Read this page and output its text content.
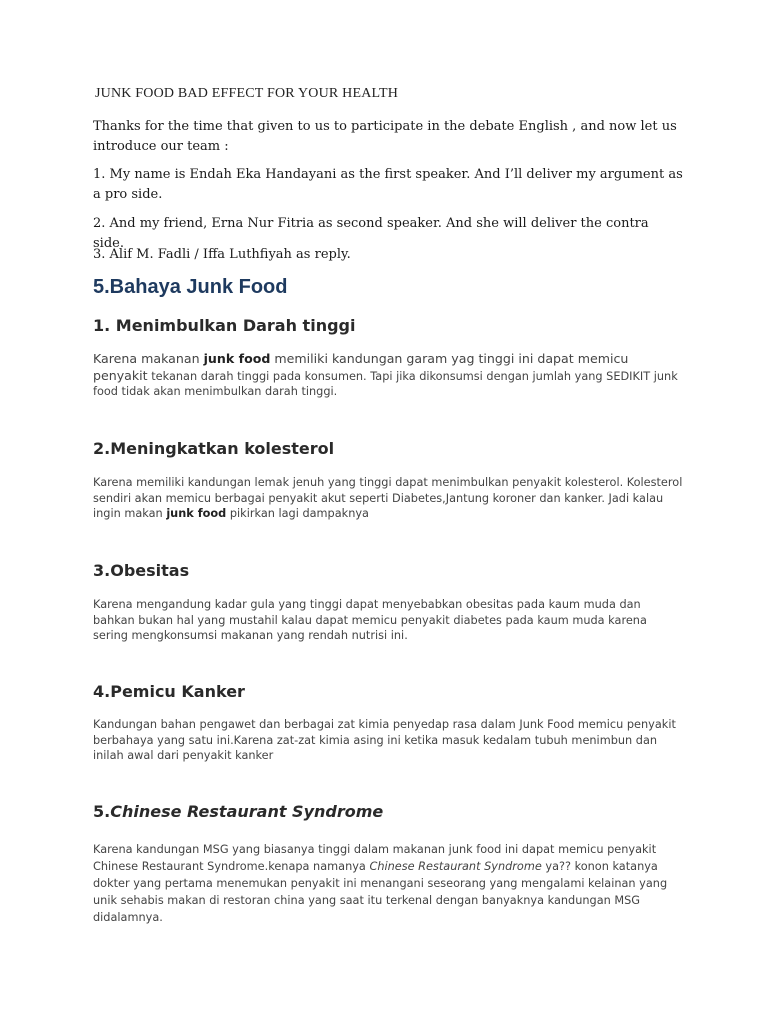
JUNK FOOD BAD EFFECT FOR YOUR HEALTH
Thanks for the time that given to us to participate in the debate English , and now let us introduce our team :
1. My name is Endah Eka Handayani as the first speaker. And I’ll deliver my argument as a pro side.
2. And my friend, Erna Nur Fitria as second speaker. And she will deliver the contra side.
3. Alif M. Fadli / Iffa Luthfiyah as reply.
5.Bahaya Junk Food
1. Menimbulkan Darah tinggi
Karena makanan junk food memiliki kandungan garam yag tinggi ini dapat memicu
penyakit tekanan darah tinggi pada konsumen. Tapi jika dikonsumsi dengan jumlah yang SEDIKIT junk food tidak akan menimbulkan darah tinggi.
2.Meningkatkan kolesterol
Karena memiliki kandungan lemak jenuh yang tinggi dapat menimbulkan penyakit kolesterol. Kolesterol sendiri akan memicu berbagai penyakit akut seperti Diabetes,Jantung koroner dan kanker. Jadi kalau ingin makan junk food pikirkan lagi dampaknya
3.Obesitas
Karena mengandung kadar gula yang tinggi dapat menyebabkan obesitas pada kaum muda dan bahkan bukan hal yang mustahil kalau dapat memicu penyakit diabetes pada kaum muda karena sering mengkonsumsi makanan yang rendah nutrisi ini.
4.Pemicu Kanker
Kandungan bahan pengawet dan berbagai zat kimia penyedap rasa dalam Junk Food memicu penyakit berbahaya yang satu ini.Karena zat-zat kimia asing ini ketika masuk kedalam tubuh menimbun dan inilah awal dari penyakit kanker
5.Chinese Restaurant Syndrome
Karena kandungan MSG yang biasanya tinggi dalam makanan junk food ini dapat memicu penyakit Chinese Restaurant Syndrome.kenapa namanya Chinese Restaurant Syndrome ya?? konon katanya dokter yang pertama menemukan penyakit ini menangani seseorang yang mengalami kelainan yang unik sehabis makan di restoran china yang saat itu terkenal dengan banyaknya kandungan MSG didalamnya.
